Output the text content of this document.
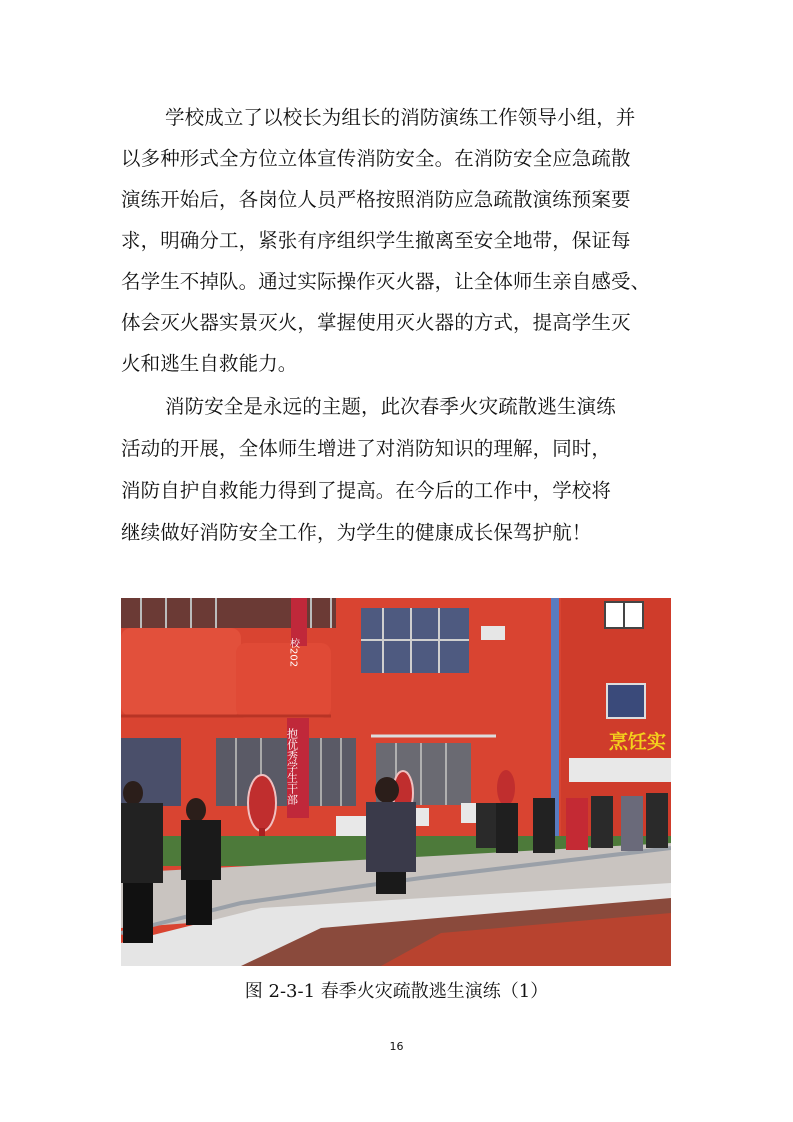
学校成立了以校长为组长的消防演练工作领导小组，并
以多种形式全方位立体宣传消防安全。在消防安全应急疏散
演练开始后，各岗位人员严格按照消防应急疏散演练预案要
求，明确分工，紧张有序组织学生撤离至安全地带，保证每
名学生不掉队。通过实际操作灭火器，让全体师生亲自感受、
体会灭火器实景灭火，掌握使用灭火器的方式，提高学生灭
火和逃生自救能力。
消防安全是永远的主题，此次春季火灾疏散逃生演练
活动的开展，全体师生增进了对消防知识的理解，同时，
消防自护自救能力得到了提高。在今后的工作中，学校将
继续做好消防安全工作，为学生的健康成长保驾护航！
烹饪实
校202
抱优秀学生干部
图 2-3-1 春季火灾疏散逃生演练（1）
16
